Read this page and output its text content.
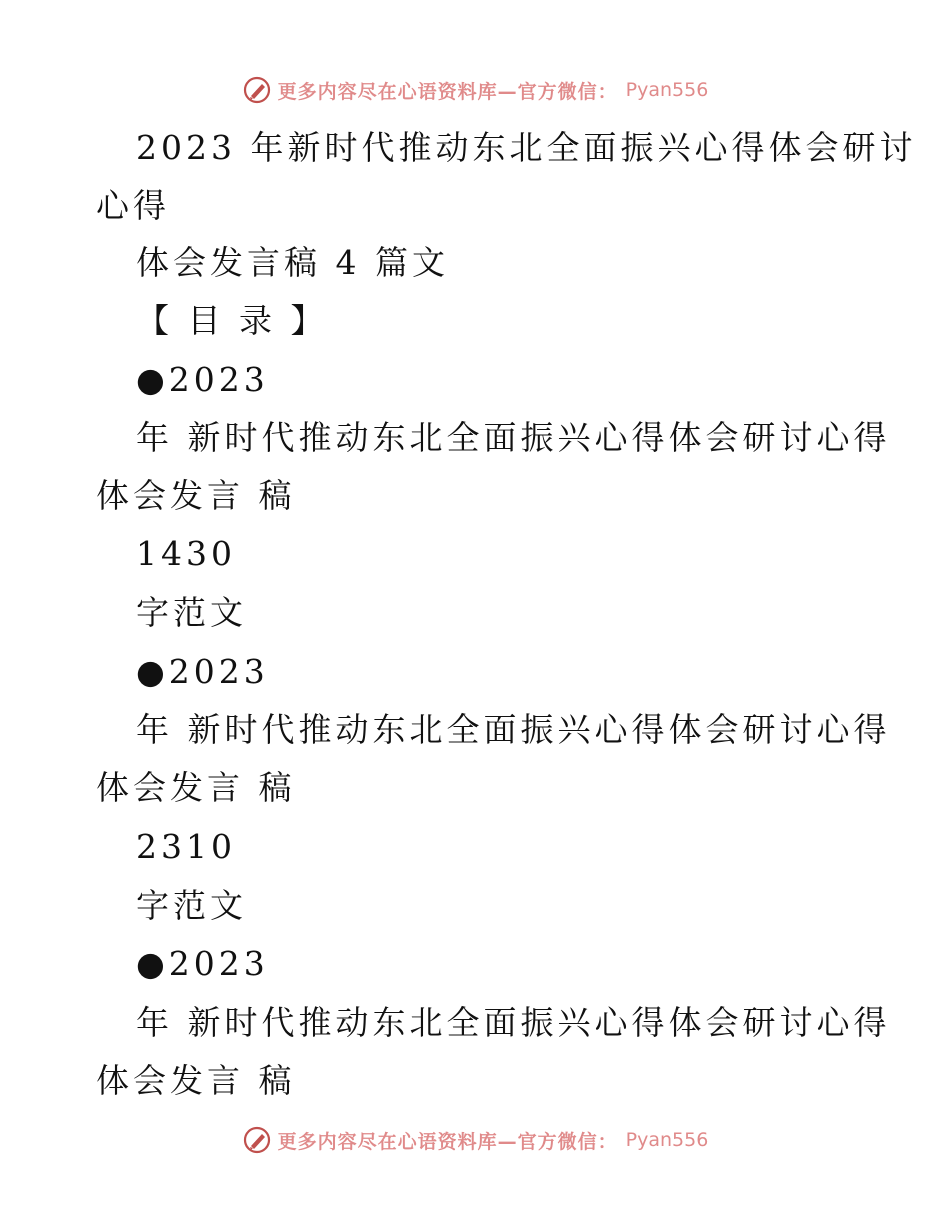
更多内容尽在心语资料库—官方微信： Pyan556
2023 年新时代推动东北全面振兴心得体会研讨
心得
体会发言稿 4 篇文
【 目 录 】
●2023
年 新时代推动东北全面振兴心得体会研讨心得
体会发言 稿
1430
字范文
●2023
年 新时代推动东北全面振兴心得体会研讨心得
体会发言 稿
2310
字范文
●2023
年 新时代推动东北全面振兴心得体会研讨心得
体会发言 稿
更多内容尽在心语资料库—官方微信： Pyan556
